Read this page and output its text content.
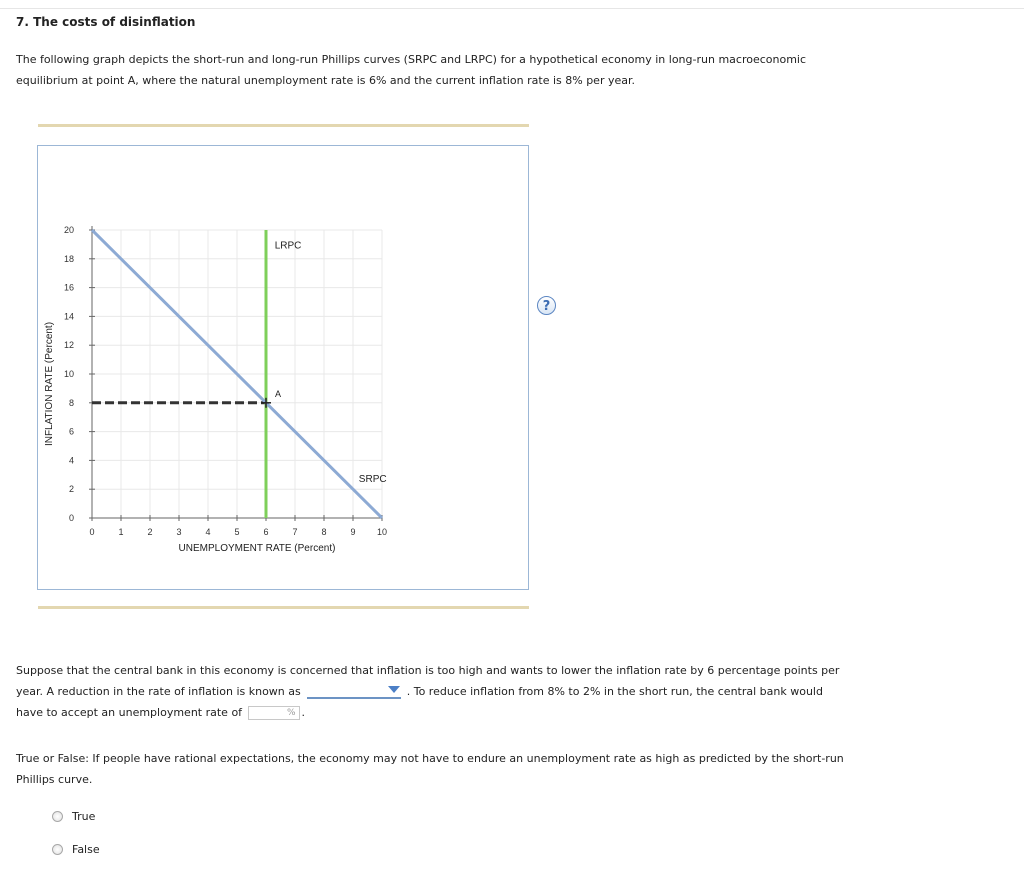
7. The costs of disinflation
The following graph depicts the short-run and long-run Phillips curves (SRPC and LRPC) for a hypothetical economy in long-run macroeconomic equilibrium at point A, where the natural unemployment rate is 6% and the current inflation rate is 8% per year.
?
0	1	2	3	4	5	6	7	8	9 10
0
2
4
6
8
10
12
14
16
18
20
UNEMPLOYMENT RATE (Percent)
INFLATION RATE (Percent)
LRPC
SRPC
A
Suppose that the central bank in this economy is concerned that inflation is too high and wants to lower the inflation rate by 6 percentage points per year. A reduction in the rate of inflation is known as	. To reduce inflation from 8% to 2% in the short run, the central bank would have to accept an unemployment rate of	% .
True or False: If people have rational expectations, the economy may not have to endure an unemployment rate as high as predicted by the short-run Phillips curve.
True
False
